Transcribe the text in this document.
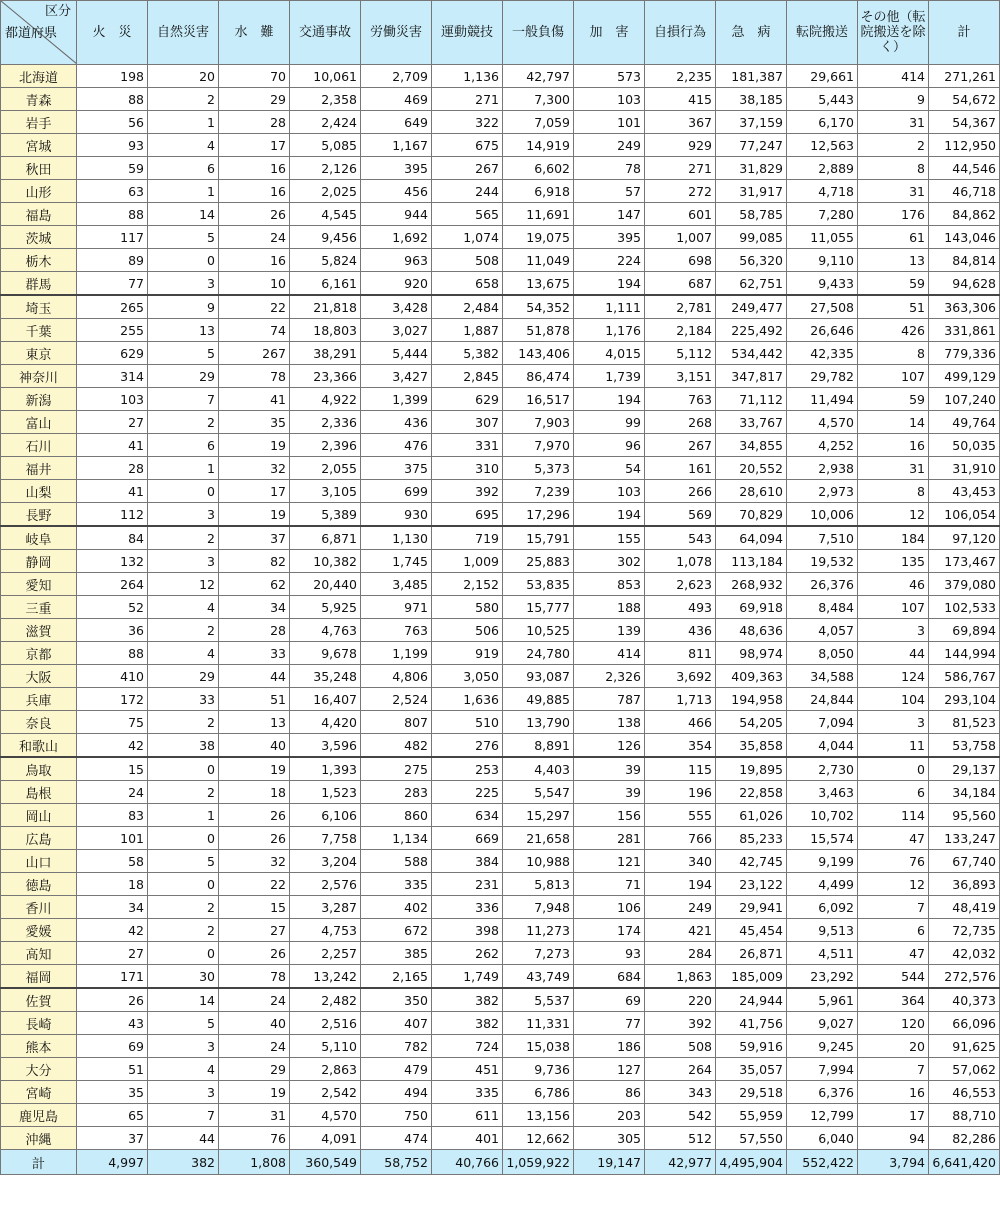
区分
都道府県	火　災	自然災害	水　難	交通事故	労働災害	運動競技	一般負傷	加　害	自損行為	急　病	転院搬送	その他（転院搬送を除く）	計
北海道	198	20	70	10,061	2,709	1,136	42,797	573	2,235	181,387	29,661	414	271,261
青森	88	2	29	2,358	469	271	7,300	103	415	38,185	5,443	9	54,672
岩手	56	1	28	2,424	649	322	7,059	101	367	37,159	6,170	31	54,367
宮城	93	4	17	5,085	1,167	675	14,919	249	929	77,247	12,563	2	112,950
秋田	59	6	16	2,126	395	267	6,602	78	271	31,829	2,889	8	44,546
山形	63	1	16	2,025	456	244	6,918	57	272	31,917	4,718	31	46,718
福島	88	14	26	4,545	944	565	11,691	147	601	58,785	7,280	176	84,862
茨城	117	5	24	9,456	1,692	1,074	19,075	395	1,007	99,085	11,055	61	143,046
栃木	89	0	16	5,824	963	508	11,049	224	698	56,320	9,110	13	84,814
群馬	77	3	10	6,161	920	658	13,675	194	687	62,751	9,433	59	94,628
埼玉	265	9	22	21,818	3,428	2,484	54,352	1,111	2,781	249,477	27,508	51	363,306
千葉	255	13	74	18,803	3,027	1,887	51,878	1,176	2,184	225,492	26,646	426	331,861
東京	629	5	267	38,291	5,444	5,382	143,406	4,015	5,112	534,442	42,335	8	779,336
神奈川	314	29	78	23,366	3,427	2,845	86,474	1,739	3,151	347,817	29,782	107	499,129
新潟	103	7	41	4,922	1,399	629	16,517	194	763	71,112	11,494	59	107,240
富山	27	2	35	2,336	436	307	7,903	99	268	33,767	4,570	14	49,764
石川	41	6	19	2,396	476	331	7,970	96	267	34,855	4,252	16	50,035
福井	28	1	32	2,055	375	310	5,373	54	161	20,552	2,938	31	31,910
山梨	41	0	17	3,105	699	392	7,239	103	266	28,610	2,973	8	43,453
長野	112	3	19	5,389	930	695	17,296	194	569	70,829	10,006	12	106,054
岐阜	84	2	37	6,871	1,130	719	15,791	155	543	64,094	7,510	184	97,120
静岡	132	3	82	10,382	1,745	1,009	25,883	302	1,078	113,184	19,532	135	173,467
愛知	264	12	62	20,440	3,485	2,152	53,835	853	2,623	268,932	26,376	46	379,080
三重	52	4	34	5,925	971	580	15,777	188	493	69,918	8,484	107	102,533
滋賀	36	2	28	4,763	763	506	10,525	139	436	48,636	4,057	3	69,894
京都	88	4	33	9,678	1,199	919	24,780	414	811	98,974	8,050	44	144,994
大阪	410	29	44	35,248	4,806	3,050	93,087	2,326	3,692	409,363	34,588	124	586,767
兵庫	172	33	51	16,407	2,524	1,636	49,885	787	1,713	194,958	24,844	104	293,104
奈良	75	2	13	4,420	807	510	13,790	138	466	54,205	7,094	3	81,523
和歌山	42	38	40	3,596	482	276	8,891	126	354	35,858	4,044	11	53,758
鳥取	15	0	19	1,393	275	253	4,403	39	115	19,895	2,730	0	29,137
島根	24	2	18	1,523	283	225	5,547	39	196	22,858	3,463	6	34,184
岡山	83	1	26	6,106	860	634	15,297	156	555	61,026	10,702	114	95,560
広島	101	0	26	7,758	1,134	669	21,658	281	766	85,233	15,574	47	133,247
山口	58	5	32	3,204	588	384	10,988	121	340	42,745	9,199	76	67,740
徳島	18	0	22	2,576	335	231	5,813	71	194	23,122	4,499	12	36,893
香川	34	2	15	3,287	402	336	7,948	106	249	29,941	6,092	7	48,419
愛媛	42	2	27	4,753	672	398	11,273	174	421	45,454	9,513	6	72,735
高知	27	0	26	2,257	385	262	7,273	93	284	26,871	4,511	47	42,032
福岡	171	30	78	13,242	2,165	1,749	43,749	684	1,863	185,009	23,292	544	272,576
佐賀	26	14	24	2,482	350	382	5,537	69	220	24,944	5,961	364	40,373
長崎	43	5	40	2,516	407	382	11,331	77	392	41,756	9,027	120	66,096
熊本	69	3	24	5,110	782	724	15,038	186	508	59,916	9,245	20	91,625
大分	51	4	29	2,863	479	451	9,736	127	264	35,057	7,994	7	57,062
宮崎	35	3	19	2,542	494	335	6,786	86	343	29,518	6,376	16	46,553
鹿児島	65	7	31	4,570	750	611	13,156	203	542	55,959	12,799	17	88,710
沖縄	37	44	76	4,091	474	401	12,662	305	512	57,550	6,040	94	82,286
計	4,997	382	1,808	360,549	58,752	40,766	1,059,922	19,147	42,977	4,495,904	552,422	3,794	6,641,420
